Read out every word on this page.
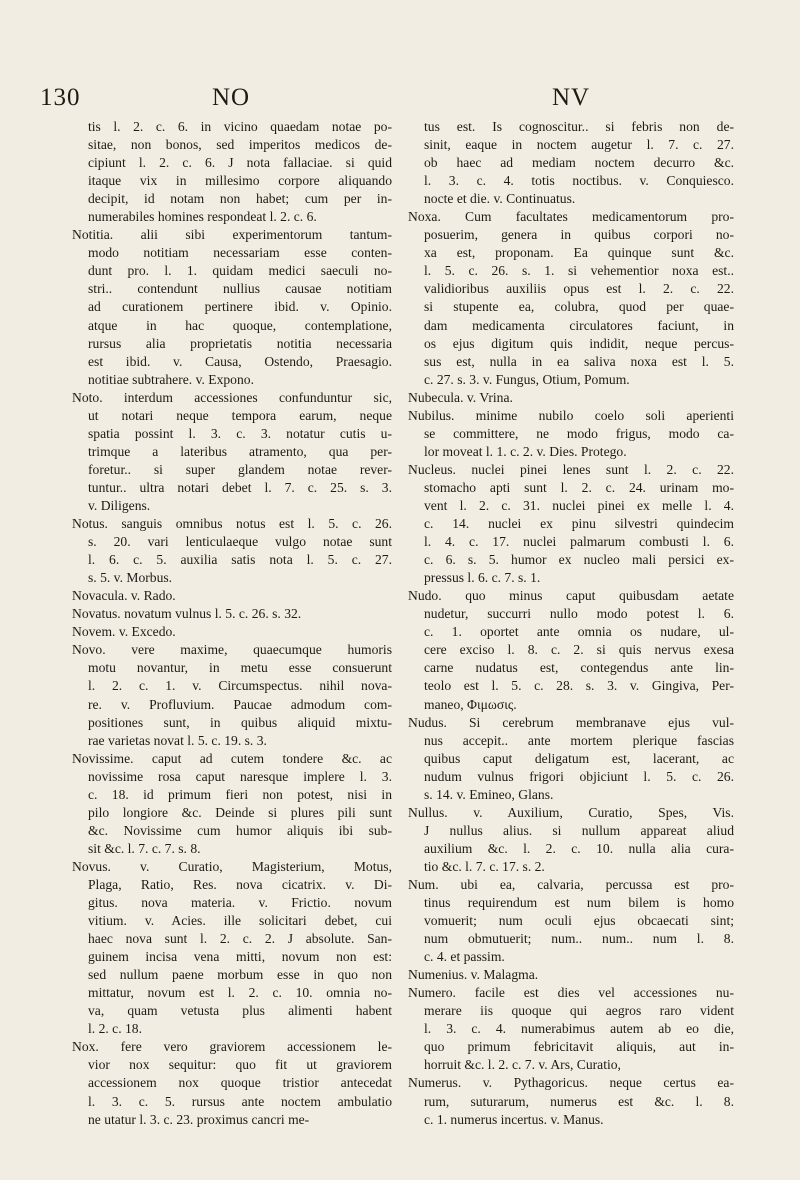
130	NO	NV
tis l. 2. c. 6. in vicino quaedam notae po-
sitae, non bonos, sed imperitos medicos de-
cipiunt l. 2. c. 6. J nota fallaciae. si quid
itaque vix in millesimo corpore aliquando
decipit, id notam non habet; cum per in-
numerabiles homines respondeat l. 2. c. 6.
Notitia. alii sibi experimentorum tantum-
modo notitiam necessariam esse conten-
dunt pro. l. 1. quidam medici saeculi no-
stri.. contendunt nullius causae notitiam
ad curationem pertinere ibid. v. Opinio.
atque in hac quoque, contemplatione,
rursus alia proprietatis notitia necessaria
est ibid. v. Causa, Ostendo, Praesagio.
notitiae subtrahere. v. Expono.
Noto. interdum accessiones confunduntur sic,
ut notari neque tempora earum, neque
spatia possint l. 3. c. 3. notatur cutis u-
trimque a lateribus atramento, qua per-
foretur.. si super glandem notae rever-
tuntur.. ultra notari debet l. 7. c. 25. s. 3.
v. Diligens.
Notus. sanguis omnibus notus est l. 5. c. 26.
s. 20. vari lenticulaeque vulgo notae sunt
l. 6. c. 5. auxilia satis nota l. 5. c. 27.
s. 5. v. Morbus.
Novacula. v. Rado.
Novatus. novatum vulnus l. 5. c. 26. s. 32.
Novem. v. Excedo.
Novo. vere maxime, quaecumque humoris
motu novantur, in metu esse consuerunt
l. 2. c. 1. v. Circumspectus. nihil nova-
re. v. Profluvium. Paucae admodum com-
positiones sunt, in quibus aliquid mixtu-
rae varietas novat l. 5. c. 19. s. 3.
Novissime. caput ad cutem tondere &c. ac
novissime rosa caput naresque implere l. 3.
c. 18. id primum fieri non potest, nisi in
pilo longiore &c. Deinde si plures pili sunt
&c. Novissime cum humor aliquis ibi sub-
sit &c. l. 7. c. 7. s. 8.
Novus. v. Curatio, Magisterium, Motus,
Plaga, Ratio, Res. nova cicatrix. v. Di-
gitus. nova materia. v. Frictio. novum
vitium. v. Acies. ille solicitari debet, cui
haec nova sunt l. 2. c. 2. J absolute. San-
guinem incisa vena mitti, novum non est:
sed nullum paene morbum esse in quo non
mittatur, novum est l. 2. c. 10. omnia no-
va, quam vetusta plus alimenti habent
l. 2. c. 18.
Nox. fere vero graviorem accessionem le-
vior nox sequitur: quo fit ut graviorem
accessionem nox quoque tristior antecedat
l. 3. c. 5. rursus ante noctem ambulatio
ne utatur l. 3. c. 23. proximus cancri me-
tus est. Is cognoscitur.. si febris non de-
sinit, eaque in noctem augetur l. 7. c. 27.
ob haec ad mediam noctem decurro &c.
l. 3. c. 4. totis noctibus. v. Conquiesco.
nocte et die. v. Continuatus.
Noxa. Cum facultates medicamentorum pro-
posuerim, genera in quibus corpori no-
xa est, proponam. Ea quinque sunt &c.
l. 5. c. 26. s. 1. si vehementior noxa est..
validioribus auxiliis opus est l. 2. c. 22.
si stupente ea, colubra, quod per quae-
dam medicamenta circulatores faciunt, in
os ejus digitum quis indidit, neque percus-
sus est, nulla in ea saliva noxa est l. 5.
c. 27. s. 3. v. Fungus, Otium, Pomum.
Nubecula. v. Vrina.
Nubilus. minime nubilo coelo soli aperienti
se committere, ne modo frigus, modo ca-
lor moveat l. 1. c. 2. v. Dies. Protego.
Nucleus. nuclei pinei lenes sunt l. 2. c. 22.
stomacho apti sunt l. 2. c. 24. urinam mo-
vent l. 2. c. 31. nuclei pinei ex melle l. 4.
c. 14. nuclei ex pinu silvestri quindecim
l. 4. c. 17. nuclei palmarum combusti l. 6.
c. 6. s. 5. humor ex nucleo mali persici ex-
pressus l. 6. c. 7. s. 1.
Nudo. quo minus caput quibusdam aetate
nudetur, succurri nullo modo potest l. 6.
c. 1. oportet ante omnia os nudare, ul-
cere exciso l. 8. c. 2. si quis nervus exesa
carne nudatus est, contegendus ante lin-
teolo est l. 5. c. 28. s. 3. v. Gingiva, Per-
maneo, Φιμωσις.
Nudus. Si cerebrum membranave ejus vul-
nus accepit.. ante mortem plerique fascias
quibus caput deligatum est, lacerant, ac
nudum vulnus frigori objiciunt l. 5. c. 26.
s. 14. v. Emineo, Glans.
Nullus. v. Auxilium, Curatio, Spes, Vis.
J nullus alius. si nullum appareat aliud
auxilium &c. l. 2. c. 10. nulla alia cura-
tio &c. l. 7. c. 17. s. 2.
Num. ubi ea, calvaria, percussa est pro-
tinus requirendum est num bilem is homo
vomuerit; num oculi ejus obcaecati sint;
num obmutuerit; num.. num.. num l. 8.
c. 4. et passim.
Numenius. v. Malagma.
Numero. facile est dies vel accessiones nu-
merare iis quoque qui aegros raro vident
l. 3. c. 4. numerabimus autem ab eo die,
quo primum febricitavit aliquis, aut in-
horruit &c. l. 2. c. 7. v. Ars, Curatio,
Numerus. v. Pythagoricus. neque certus ea-
rum, suturarum, numerus est &c. l. 8.
c. 1. numerus incertus. v. Manus.
